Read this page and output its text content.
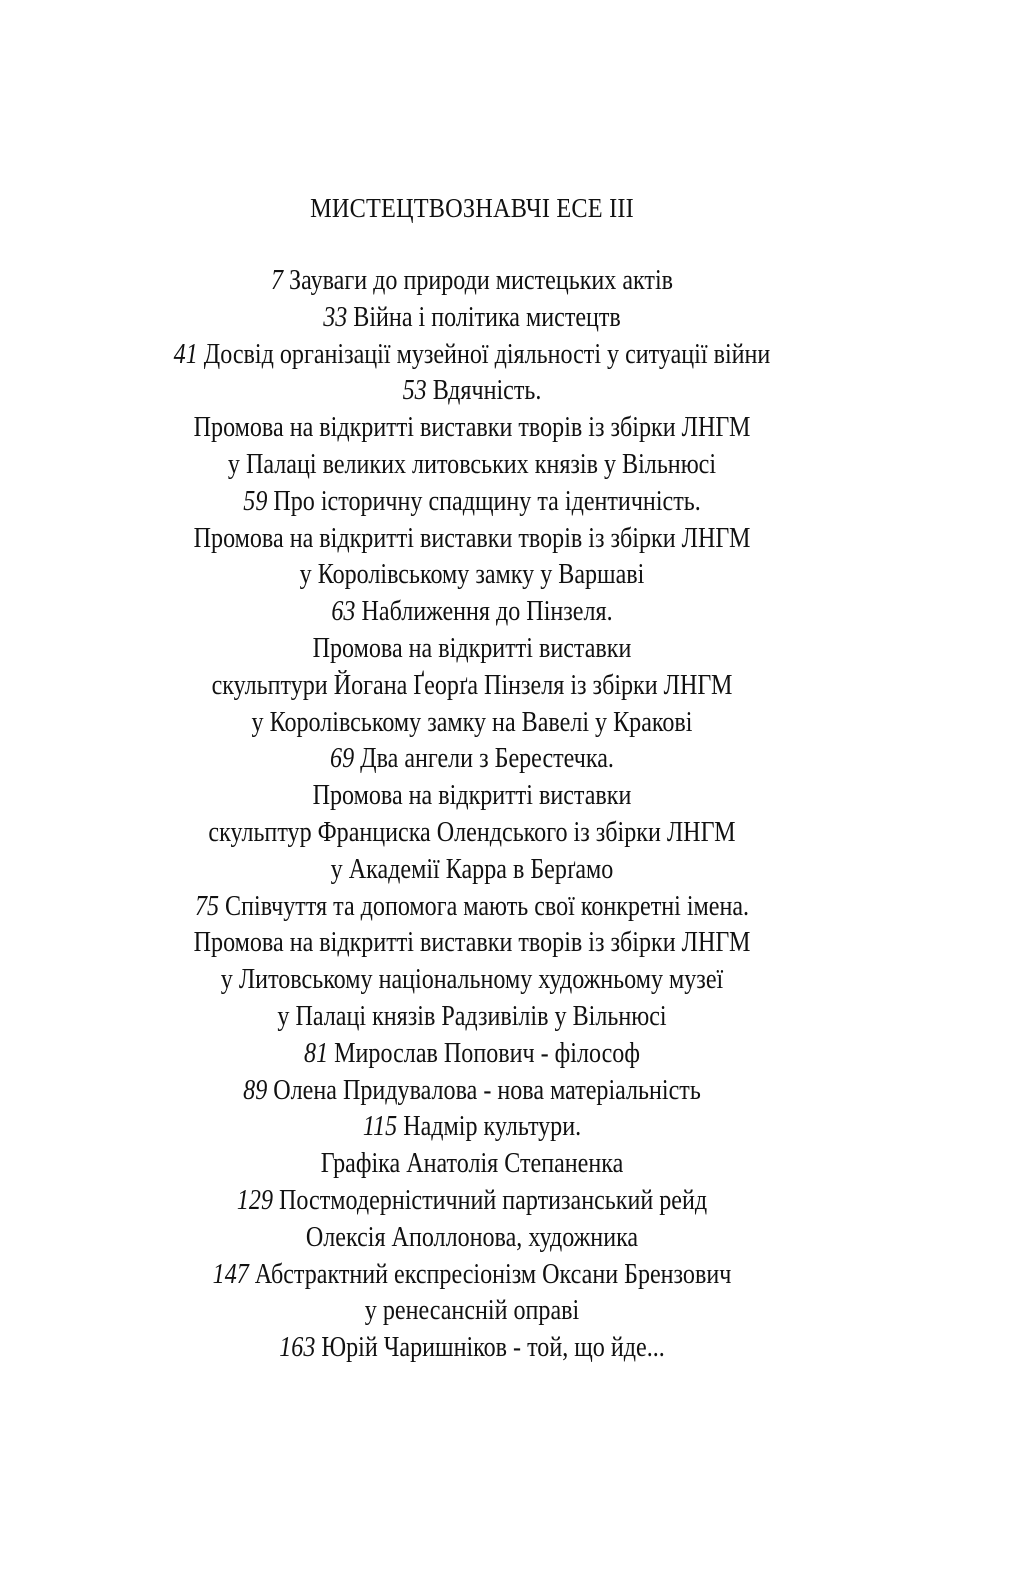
МИСТЕЦТВОЗНАВЧІ ЕСЕ ІІІ
7 Зауваги до природи мистецьких актів
33 Війна і політика мистецтв
41 Досвід організації музейної діяльності у ситуації війни
53 Вдячність.
Промова на відкритті виставки творів із збірки ЛНГМ
у Палаці великих литовських князів у Вільнюсі
59 Про історичну спадщину та ідентичність.
Промова на відкритті виставки творів із збірки ЛНГМ
у Королівському замку у Варшаві
63 Наближення до Пінзеля.
Промова на відкритті виставки
скульптури Йогана Ґеорґа Пінзеля із збірки ЛНГМ
у Королівському замку на Вавелі у Кракові
69 Два ангели з Берестечка.
Промова на відкритті виставки
скульптур Франциска Олендського із збірки ЛНГМ
у Академії Карра в Берґамо
75 Співчуття та допомога мають свої конкретні імена.
Промова на відкритті виставки творів із збірки ЛНГМ
у Литовському національному художньому музеї
у Палаці князів Радзивілів у Вільнюсі
81 Мирослав Попович - філософ
89 Олена Придувалова - нова матеріальність
115 Надмір культури.
Графіка Анатолія Степаненка
129 Постмодерністичний партизанський рейд
Олексія Аполлонова, художника
147 Абстрактний експресіонізм Оксани Брензович
у ренесансній оправі
163 Юрій Чаришніков - той, що йде...
